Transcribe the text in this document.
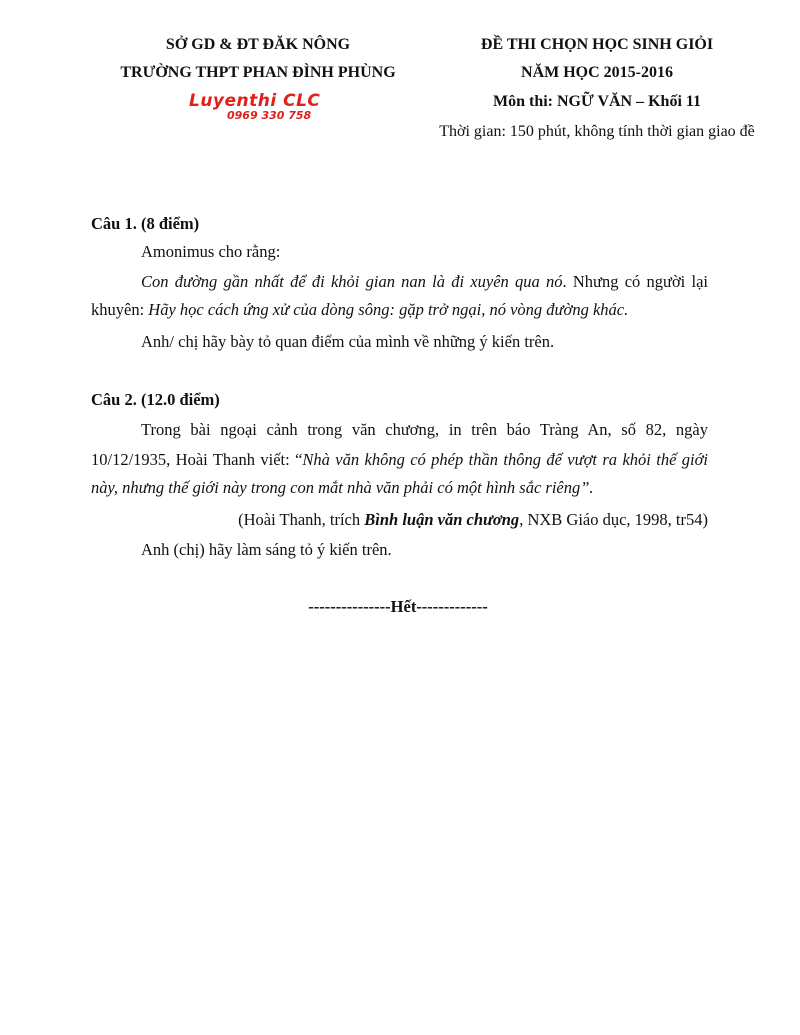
SỞ GD & ĐT ĐĂK NÔNG
TRƯỜNG THPT PHAN ĐÌNH PHÙNG
Luyenthi CLC
0969 330 758
ĐỀ THI CHỌN HỌC SINH GIỎI
NĂM HỌC 2015-2016
Môn thi: NGỮ VĂN – Khối 11
Thời gian: 150 phút, không tính thời gian giao đề
Câu 1. (8 điểm)
Amonimus cho rằng:
Con đường gần nhất để đi khỏi gian nan là đi xuyên qua nó. Nhưng có người lại
khuyên: Hãy học cách ứng xử của dòng sông: gặp trở ngại, nó vòng đường khác.
Anh/ chị hãy bày tỏ quan điểm của mình về những ý kiến trên.
Câu 2. (12.0 điểm)
Trong bài ngoại cảnh trong văn chương, in trên báo Tràng An, số 82, ngày
10/12/1935, Hoài Thanh viết: “Nhà văn không có phép thần thông để vượt ra khỏi thế giới
này, nhưng thế giới này trong con mắt nhà văn phải có một hình sắc riêng”.
(Hoài Thanh, trích Bình luận văn chương, NXB Giáo dục, 1998, tr54)
Anh (chị) hãy làm sáng tỏ ý kiến trên.
---------------Hết-------------
